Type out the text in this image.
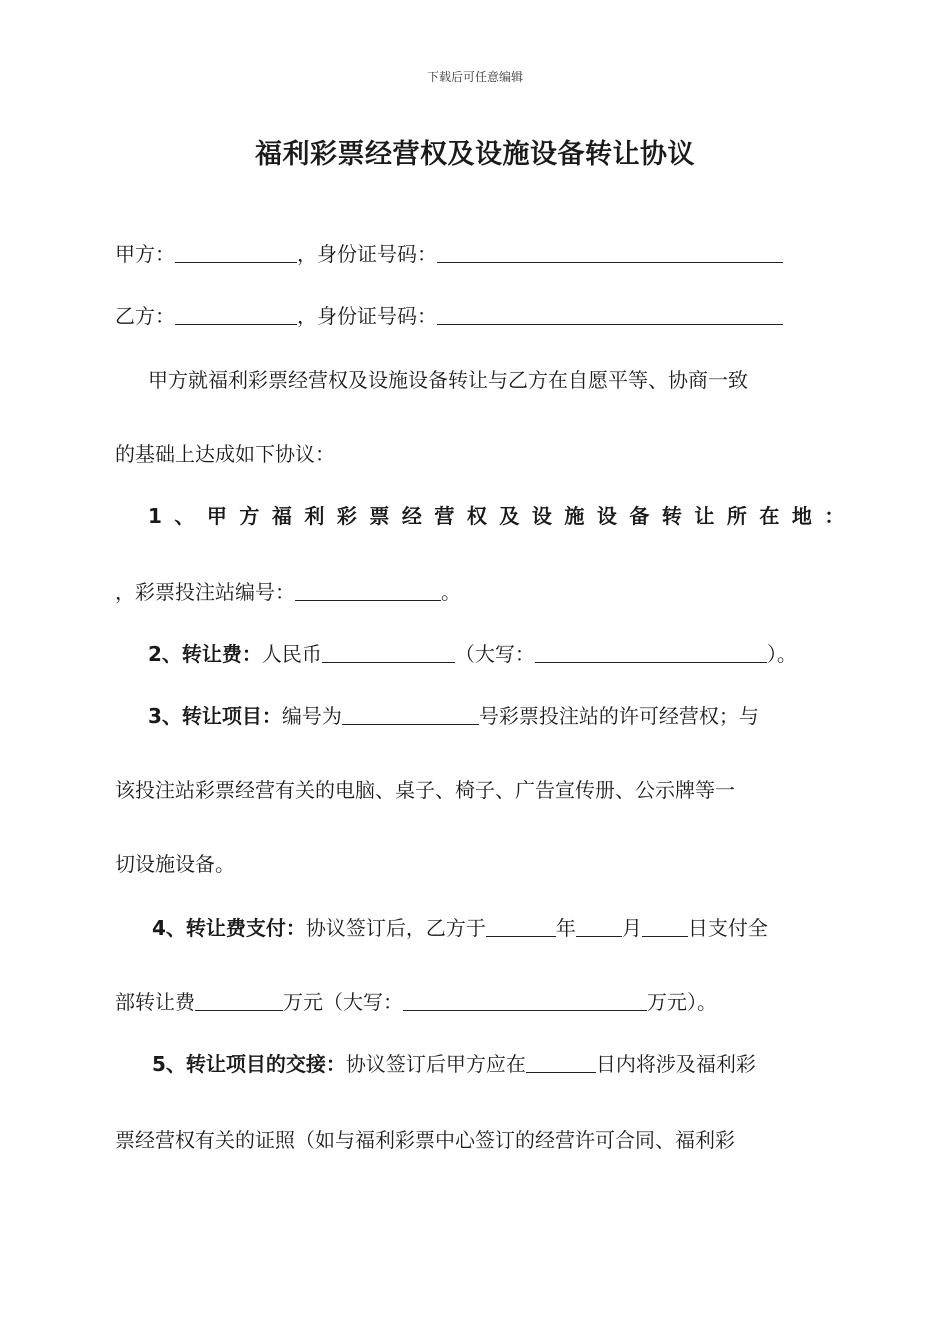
下载后可任意编辑
福利彩票经营权及设施设备转让协议
甲方：	，身份证号码：
乙方：	，身份证号码：
甲方就福利彩票经营权及设施设备转让与乙方在自愿平等、协商一致
的基础上达成如下协议：
1、甲方福利彩票经营权及设施设备转让所在地：
，彩票投注站编号：	。
2、转让费：人民币	（大写：	）。
3、转让项目：编号为	号彩票投注站的许可经营权；与
该投注站彩票经营有关的电脑、桌子、椅子、广告宣传册、公示牌等一
切设施设备。
4、转让费支付：协议签订后，乙方于	年 月 日支付全
部转让费	万元（大写：	万元）。
5、转让项目的交接：协议签订后甲方应在	日内将涉及福利彩
票经营权有关的证照（如与福利彩票中心签订的经营许可合同、福利彩
